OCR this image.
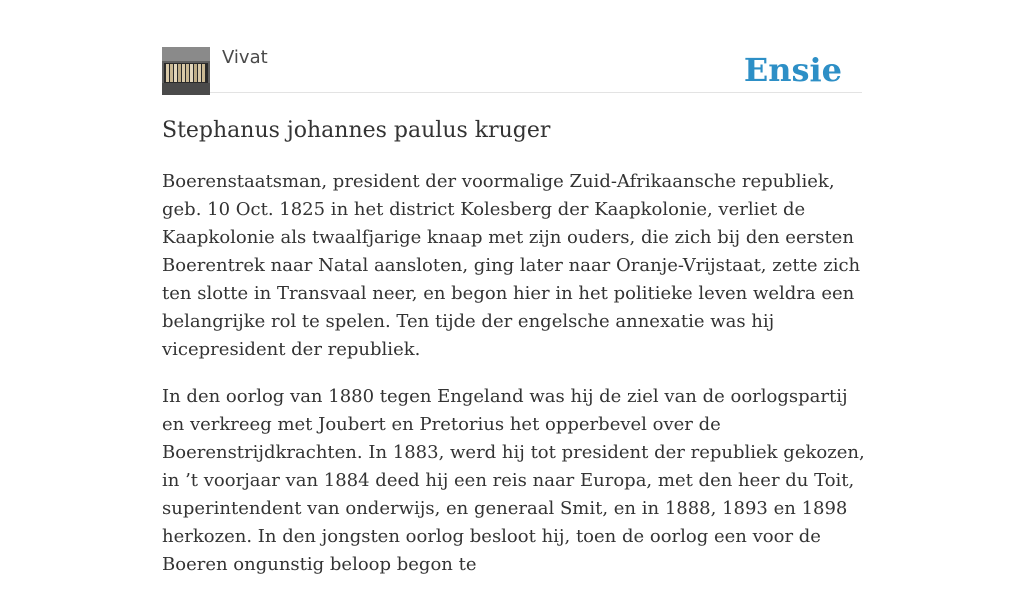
Vivat	Ensie
Stephanus johannes paulus kruger

Boerenstaatsman, president der voormalige Zuid-Afrikaansche republiek, geb. 10 Oct. 1825 in het district Kolesberg der Kaapkolonie, verliet de Kaapkolonie als twaalfjarige knaap met zijn ouders, die zich bij den eersten Boerentrek naar Natal aansloten, ging later naar Oranje-Vrijstaat, zette zich ten slotte in Transvaal neer, en begon hier in het politieke leven weldra een belangrijke rol te spelen. Ten tijde der engelsche annexatie was hij vicepresident der republiek.

In den oorlog van 1880 tegen Engeland was hij de ziel van de oorlogspartij en verkreeg met Joubert en Pretorius het opperbevel over de Boerenstrijdkrachten. In 1883, werd hij tot president der republiek gekozen, in ’t voorjaar van 1884 deed hij een reis naar Europa, met den heer du Toit, superintendent van onderwijs, en generaal Smit, en in 1888, 1893 en 1898 herkozen. In den jongsten oorlog besloot hij, toen de oorlog een voor de Boeren ongunstig beloop begon te
